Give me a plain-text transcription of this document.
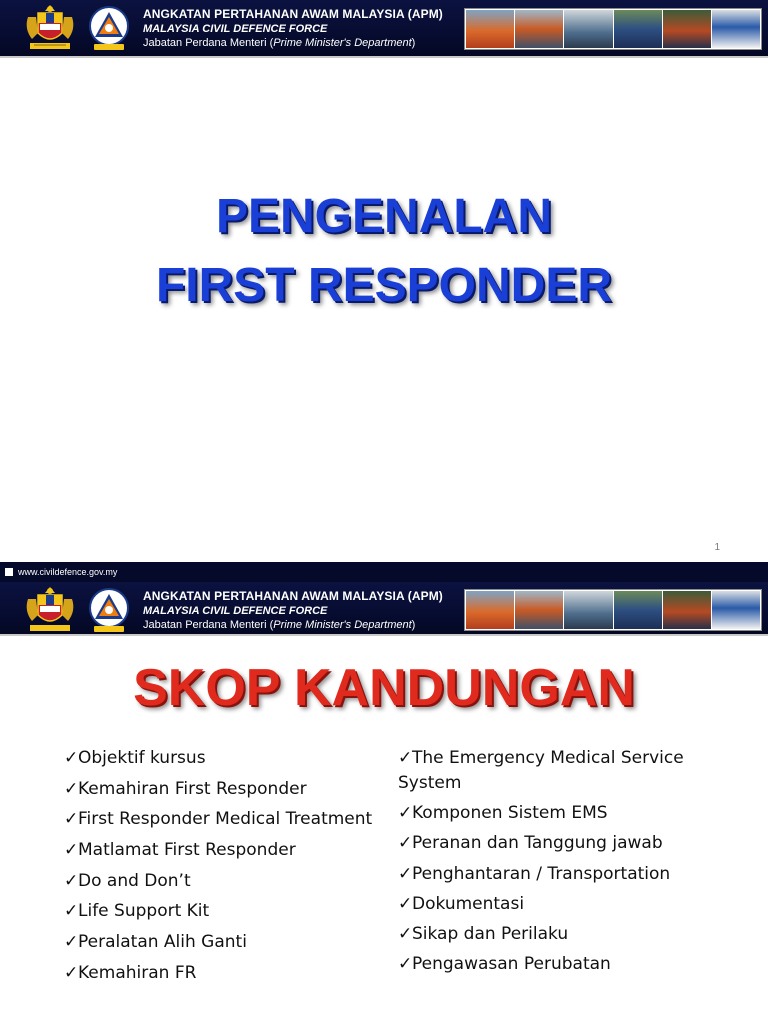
ANGKATAN PERTAHANAN AWAM MALAYSIA (APM)
MALAYSIA CIVIL DEFENCE FORCE
Jabatan Perdana Menteri (Prime Minister's Department)
PENGENALAN
FIRST RESPONDER
1
www.civildefence.gov.my
ANGKATAN PERTAHANAN AWAM MALAYSIA (APM)
MALAYSIA CIVIL DEFENCE FORCE
Jabatan Perdana Menteri (Prime Minister's Department)
SKOP KANDUNGAN
✓Objektif kursus
✓Kemahiran First Responder
✓First Responder Medical Treatment
✓Matlamat First Responder
✓Do and Don’t
✓Life Support Kit
✓Peralatan Alih Ganti
✓Kemahiran FR
✓The Emergency Medical Service System
✓Komponen Sistem EMS
✓Peranan dan Tanggung jawab
✓Penghantaran / Transportation
✓Dokumentasi
✓Sikap dan Perilaku
✓Pengawasan Perubatan
